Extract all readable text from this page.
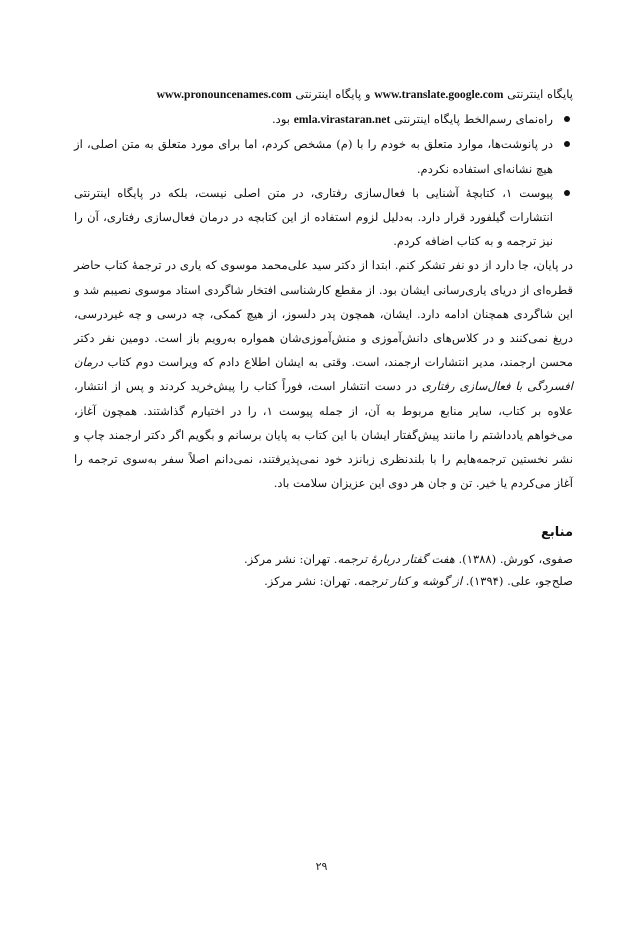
پایگاه اینترنتی www.translate.google.com و پایگاه اینترنتی www.pronouncenames.com

راه‌نمای رسم‌الخط پایگاه اینترنتی emla.virastaran.net بود.
در پانوشت‌ها، موارد متعلق به خودم را با (م) مشخص کردم، اما برای مورد متعلق به متن اصلی، از هیچ نشانه‌ای استفاده نکردم.
پیوست ۱، کتابچهٔ آشنایی با فعال‌سازی رفتاری، در متن اصلی نیست، بلکه در پایگاه اینترنتی انتشارات گیلفورد قرار دارد. به‌دلیل لزوم استفاده از این کتابچه در درمان فعال‌سازی رفتاری، آن را نیز ترجمه و به کتاب اضافه کردم.

در پایان، جا دارد از دو نفر تشکر کنم. ابتدا از دکتر سید علی‌محمد موسوی که یاری در ترجمهٔ کتاب حاضر قطره‌ای از دریای یاری‌رسانی ایشان بود. از مقطع کارشناسی افتخار شاگردی استاد موسوی نصیبم شد و این شاگردی همچنان ادامه دارد. ایشان، همچون پدر دلسوز، از هیچ کمکی، چه درسی و چه غیردرسی، دریغ نمی‌کنند و در کلاس‌های دانش‌آموزی و منش‌آموزی‌شان همواره به‌رویم باز است. دومین نفر دکتر محسن ارجمند، مدیر انتشارات ارجمند، است. وقتی به ایشان اطلاع دادم که ویراست دوم کتاب درمان افسردگی با فعال‌سازی رفتاری در دست انتشار است، فوراً کتاب را پیش‌خرید کردند و پس از انتشار، علاوه بر کتاب، سایر منابع مربوط به آن، از جمله پیوست ۱، را در اختیارم گذاشتند. همچون آغاز، می‌خواهم یادداشتم را مانند پیش‌گفتار ایشان با این کتاب به پایان برسانم و بگویم اگر دکتر ارجمند چاپ و نشر نخستین ترجمه‌هایم را با بلندنظری زبانزد خود نمی‌پذیرفتند، نمی‌دانم اصلاً سفر به‌سوی ترجمه را آغاز می‌کردم یا خیر. تن و جان هر دوی این عزیزان سلامت باد.

منابع

صفوی، کورش. (۱۳۸۸). هفت گفتار دربارهٔ ترجمه. تهران: نشر مرکز.

صلح‌جو، علی. (۱۳۹۴). از گوشه و کنار ترجمه. تهران: نشر مرکز.

۲۹
